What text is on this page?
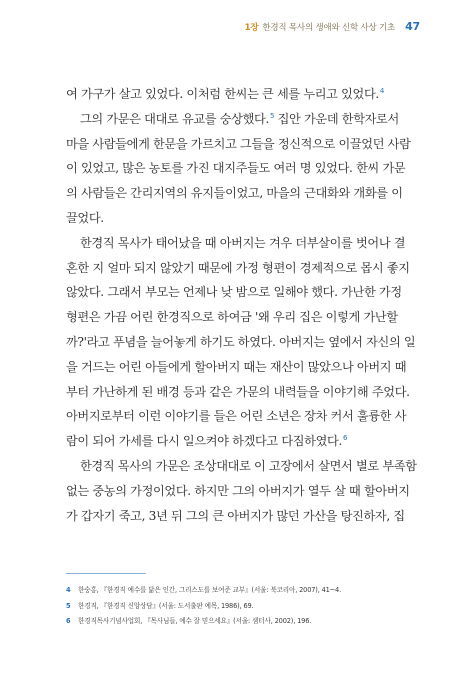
1장 한경직 목사의 생애와 신학 사상 기초 47
여 가구가 살고 있었다. 이처럼 한씨는 큰 세를 누리고 있었다.$^4$
그의 가문은 대대로 유교를 숭상했다.$^5$ 집안 가운데 한학자로서
마을 사람들에게 한문을 가르치고 그들을 정신적으로 이끌었던 사람
이 있었고, 많은 농토를 가진 대지주들도 여러 명 있었다. 한씨 가문
의 사람들은 간리지역의 유지들이었고, 마을의 근대화와 개화를 이
끌었다.
한경직 목사가 태어났을 때 아버지는 겨우 더부살이를 벗어나 결
혼한 지 얼마 되지 않았기 때문에 가정 형편이 경제적으로 몹시 좋지
않았다. 그래서 부모는 언제나 낮 밤으로 일해야 했다. 가난한 가정
형편은 가끔 어린 한경직으로 하여금 '왜 우리 집은 이렇게 가난할
까?'라고 푸념을 늘어놓게 하기도 하였다. 아버지는 옆에서 자신의 일
을 거드는 어린 아들에게 할아버지 때는 재산이 많았으나 아버지 때
부터 가난하게 된 배경 등과 같은 가문의 내력들을 이야기해 주었다.
아버지로부터 이런 이야기를 들은 어린 소년은 장차 커서 훌륭한 사
람이 되어 가세를 다시 일으켜야 하겠다고 다짐하였다.$^6$
한경직 목사의 가문은 조상대대로 이 고장에서 살면서 별로 부족함
없는 중농의 가정이었다. 하지만 그의 아버지가 열두 살 때 할아버지
가 갑자기 죽고, 3년 뒤 그의 큰 아버지가 많던 가산을 탕진하자, 집
4	한숭홍, 『한경직 예수를 닮은 인간, 그리스도를 보여준 교부』(서울: 북코리아, 2007), 41~4.
5	한경직, 『한경직 신앙상담』(서울: 도서출판 예목, 1986), 69.
6	한경직목사기념사업회, 『목사님들, 예수 잘 믿으세요』(서울: 샘터사, 2002), 196.
